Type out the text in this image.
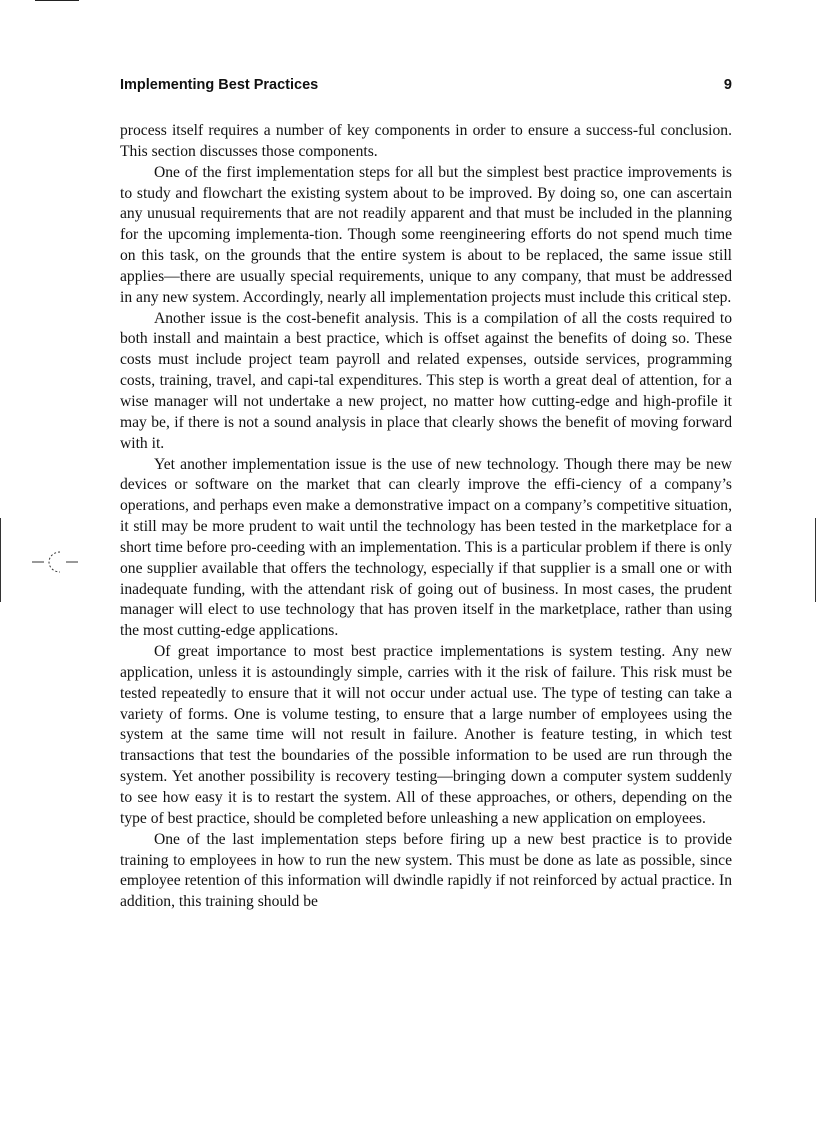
Implementing Best Practices	9

process itself requires a number of key components in order to ensure a success-ful conclusion. This section discusses those components.

One of the first implementation steps for all but the simplest best practice improvements is to study and flowchart the existing system about to be improved. By doing so, one can ascertain any unusual requirements that are not readily apparent and that must be included in the planning for the upcoming implementa-tion. Though some reengineering efforts do not spend much time on this task, on the grounds that the entire system is about to be replaced, the same issue still applies—there are usually special requirements, unique to any company, that must be addressed in any new system. Accordingly, nearly all implementation projects must include this critical step.

Another issue is the cost-benefit analysis. This is a compilation of all the costs required to both install and maintain a best practice, which is offset against the benefits of doing so. These costs must include project team payroll and related expenses, outside services, programming costs, training, travel, and capi-tal expenditures. This step is worth a great deal of attention, for a wise manager will not undertake a new project, no matter how cutting-edge and high-profile it may be, if there is not a sound analysis in place that clearly shows the benefit of moving forward with it.

Yet another implementation issue is the use of new technology. Though there may be new devices or software on the market that can clearly improve the effi-ciency of a company’s operations, and perhaps even make a demonstrative impact on a company’s competitive situation, it still may be more prudent to wait until the technology has been tested in the marketplace for a short time before pro-ceeding with an implementation. This is a particular problem if there is only one supplier available that offers the technology, especially if that supplier is a small one or with inadequate funding, with the attendant risk of going out of business. In most cases, the prudent manager will elect to use technology that has proven itself in the marketplace, rather than using the most cutting-edge applications.

Of great importance to most best practice implementations is system testing. Any new application, unless it is astoundingly simple, carries with it the risk of failure. This risk must be tested repeatedly to ensure that it will not occur under actual use. The type of testing can take a variety of forms. One is volume testing, to ensure that a large number of employees using the system at the same time will not result in failure. Another is feature testing, in which test transactions that test the boundaries of the possible information to be used are run through the system. Yet another possibility is recovery testing—bringing down a computer system suddenly to see how easy it is to restart the system. All of these approaches, or others, depending on the type of best practice, should be completed before unleashing a new application on employees.

One of the last implementation steps before firing up a new best practice is to provide training to employees in how to run the new system. This must be done as late as possible, since employee retention of this information will dwindle rapidly if not reinforced by actual practice. In addition, this training should be
